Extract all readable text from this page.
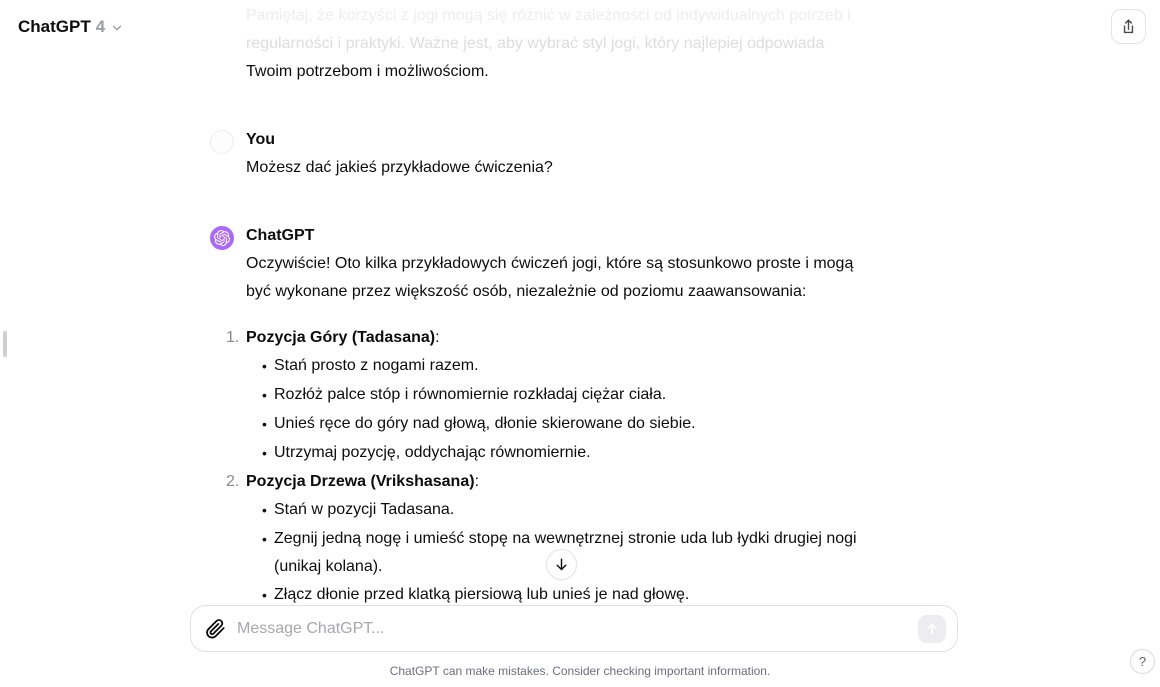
ChatGPT 4
Pamiętaj, że korzyści z jogi mogą się różnić w zależności od indywidualnych potrzeb i
regularności i praktyki. Ważne jest, aby wybrać styl jogi, który najlepiej odpowiada
Twoim potrzebom i możliwościom.
You
Możesz dać jakieś przykładowe ćwiczenia?
ChatGPT
Oczywiście! Oto kilka przykładowych ćwiczeń jogi, które są stosunkowo proste i mogą być wykonane przez większość osób, niezależnie od poziomu zaawansowania:
1. Pozycja Góry (Tadasana):
•
Stań prosto z nogami razem.
•
Rozłóż palce stóp i równomiernie rozkładaj ciężar ciała.
•
Unieś ręce do góry nad głową, dłonie skierowane do siebie.
•
Utrzymaj pozycję, oddychając równomiernie.
2. Pozycja Drzewa (Vrikshasana):
•
Stań w pozycji Tadasana.
•
Zegnij jedną nogę i umieść stopę na wewnętrznej stronie uda lub łydki drugiej nogi (unikaj kolana).
•
Złącz dłonie przed klatką piersiową lub unieś je nad głowę.
Message ChatGPT...
ChatGPT can make mistakes. Consider checking important information.
?
